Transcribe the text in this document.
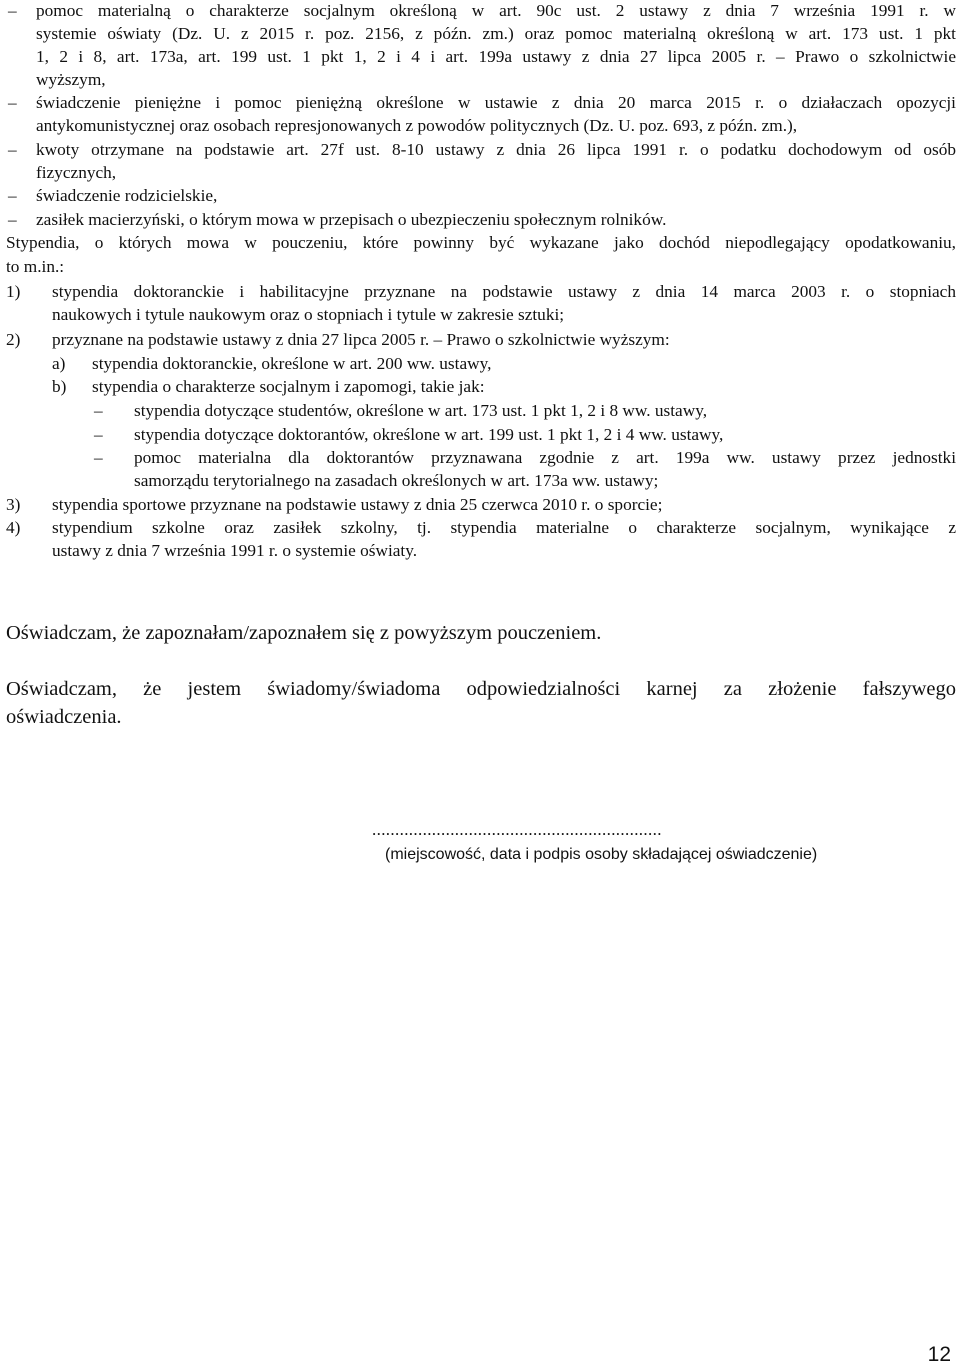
– pomoc materialną o charakterze socjalnym określoną w art. 90c ust. 2 ustawy z dnia 7 września 1991 r. w
systemie oświaty (Dz. U. z 2015 r. poz. 2156, z późn. zm.) oraz pomoc materialną określoną w art. 173 ust. 1 pkt
1, 2 i 8, art. 173a, art. 199 ust. 1 pkt 1, 2 i 4 i art. 199a ustawy z dnia 27 lipca 2005 r. – Prawo o szkolnictwie
wyższym,
– świadczenie pieniężne i pomoc pieniężną określone w ustawie z dnia 20 marca 2015 r. o działaczach opozycji
antykomunistycznej oraz osobach represjonowanych z powodów politycznych (Dz. U. poz. 693, z późn. zm.),
– kwoty otrzymane na podstawie art. 27f ust. 8-10 ustawy z dnia 26 lipca 1991 r. o podatku dochodowym od osób
fizycznych,
– świadczenie rodzicielskie,
– zasiłek macierzyński, o którym mowa w przepisach o ubezpieczeniu społecznym rolników.
Stypendia, o których mowa w pouczeniu, które powinny być wykazane jako dochód niepodlegający opodatkowaniu,
to m.in.:
1) stypendia doktoranckie i habilitacyjne przyznane na podstawie ustawy z dnia 14 marca 2003 r. o stopniach
naukowych i tytule naukowym oraz o stopniach i tytule w zakresie sztuki;
2) przyznane na podstawie ustawy z dnia 27 lipca 2005 r. – Prawo o szkolnictwie wyższym:
a) stypendia doktoranckie, określone w art. 200 ww. ustawy,
b) stypendia o charakterze socjalnym i zapomogi, takie jak:
– stypendia dotyczące studentów, określone w art. 173 ust. 1 pkt 1, 2 i 8 ww. ustawy,
– stypendia dotyczące doktorantów, określone w art. 199 ust. 1 pkt 1, 2 i 4 ww. ustawy,
– pomoc materialna dla doktorantów przyznawana zgodnie z art. 199a ww. ustawy przez jednostki
samorządu terytorialnego na zasadach określonych w art. 173a ww. ustawy;
3) stypendia sportowe przyznane na podstawie ustawy z dnia 25 czerwca 2010 r. o sporcie;
4) stypendium szkolne oraz zasiłek szkolny, tj. stypendia materialne o charakterze socjalnym, wynikające z
ustawy z dnia 7 września 1991 r. o systemie oświaty.
Oświadczam, że zapoznałam/zapoznałem się z powyższym pouczeniem.
Oświadczam, że jestem świadomy/świadoma odpowiedzialności karnej za złożenie fałszywego
oświadczenia.
...............................................................
(miejscowość, data i podpis osoby składającej oświadczenie)
12
